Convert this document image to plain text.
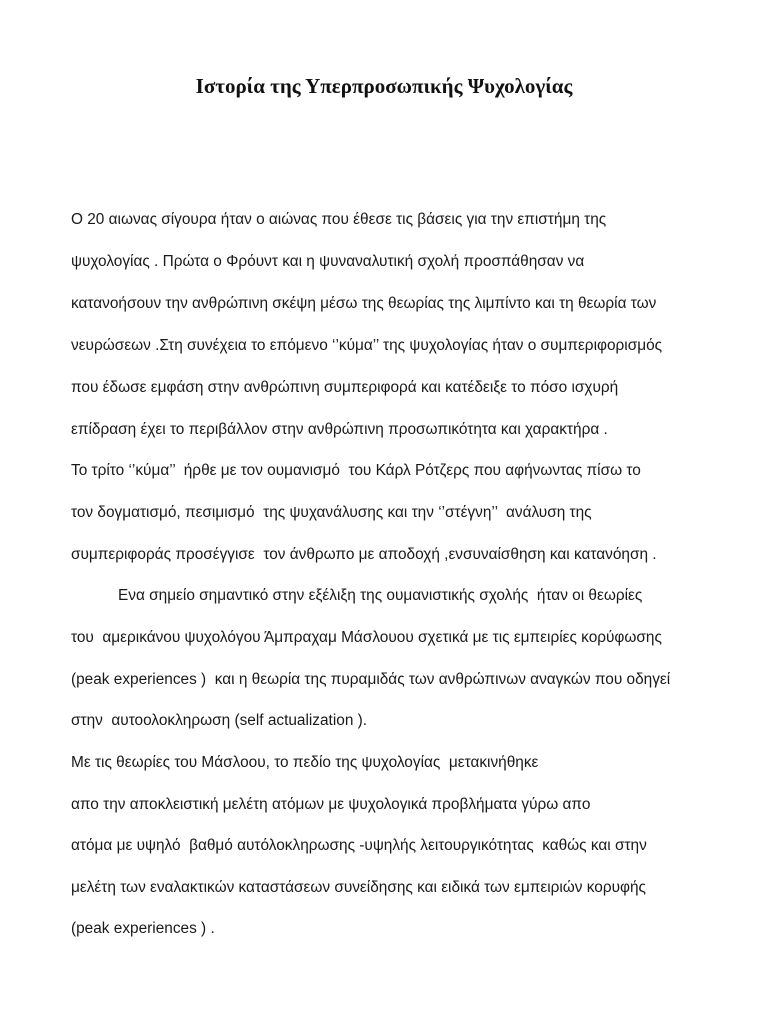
Ιστορία της Υπερπροσωπικής Ψυχολογίας
Ο 20 αιωνας σίγουρα ήταν ο αιώνας που έθεσε τις βάσεις για την επιστήμη της
ψυχολογίας . Πρώτα ο Φρόυντ και η ψυναναλυτική σχολή προσπάθησαν να
κατανοήσουν την ανθρώπινη σκέψη μέσω της θεωρίας της λιμπίντο και τη θεωρία των
νευρώσεων .Στη συνέχεια το επόμενο ‘’κύμα’’ της ψυχολογίας ήταν ο συμπεριφορισμός
που έδωσε εμφάση στην ανθρώπινη συμπεριφορά και κατέδειξε το πόσο ισχυρή
επίδραση έχει το περιβάλλον στην ανθρώπινη προσωπικότητα και χαρακτήρα .
Το τρίτο ‘’κύμα’’  ήρθε με τον ουμανισμό  του Κάρλ Ρότζερς που αφήνωντας πίσω το
τον δογματισμό, πεσιμισμό  της ψυχανάλυσης και την ‘’στέγνη’’  ανάλυση της
συμπεριφοράς προσέγγισε  τον άνθρωπο με αποδοχή ,ενσυναίσθηση και κατανόηση .
Ενα σημείο σημαντικό στην εξέλιξη της ουμανιστικής σχολής  ήταν οι θεωρίες
του  αμερικάνου ψυχολόγου Άμπραχαμ Μάσλουου σχετικά με τις εμπειρίες κορύφωσης
(peak experiences )  και η θεωρία της πυραμιδάς των ανθρώπινων αναγκών που οδηγεί
στην  αυτοολοκληρωση (self actualization ).
Με τις θεωρίες του Μάσλοου, το πεδίο της ψυχολογίας  μετακινήθηκε
απο την αποκλειστική μελέτη ατόμων με ψυχολογικά προβλήματα γύρω απο
ατόμα με υψηλό  βαθμό αυτόλοκληρωσης -υψηλής λειτουργικότητας  καθώς και στην
μελέτη των εναλακτικών καταστάσεων συνείδησης και ειδικά των εμπειριών κορυφής
(peak experiences ) .
